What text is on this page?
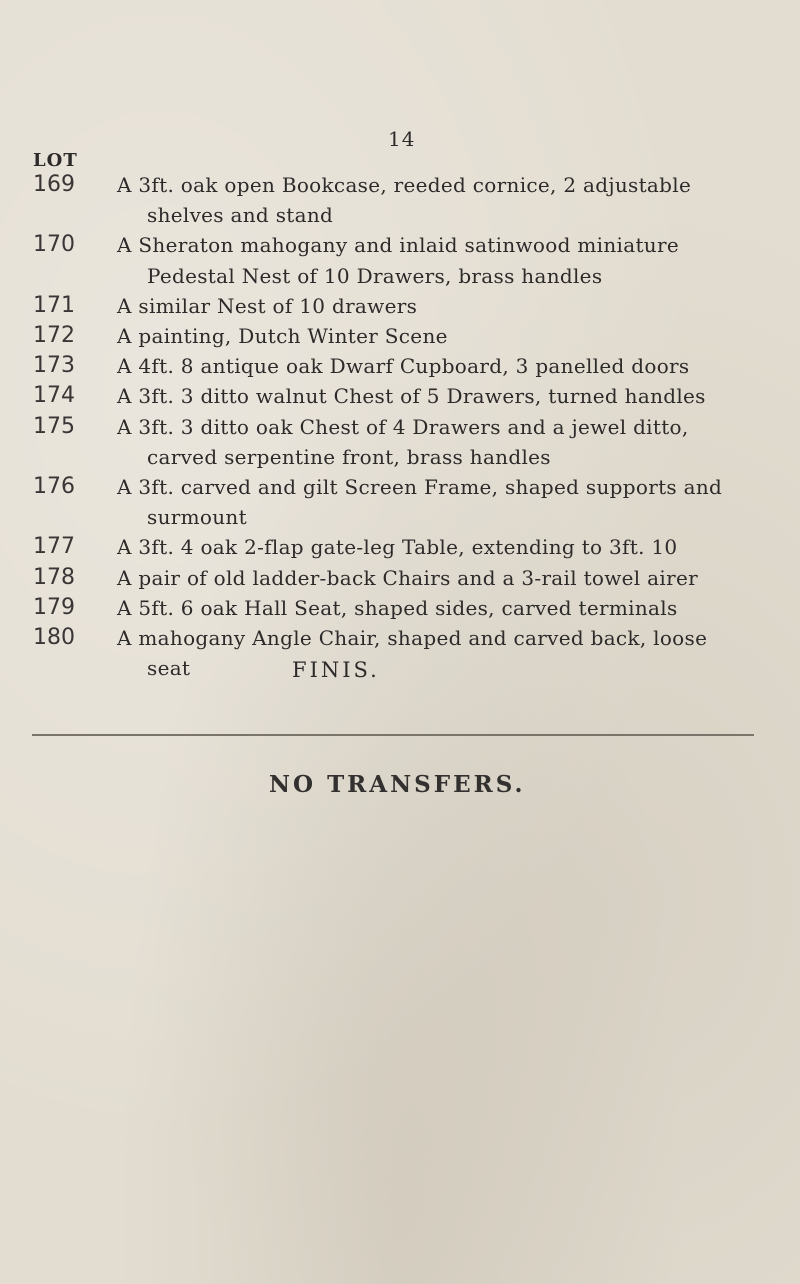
14
LOT
169	A 3ft. oak open Bookcase, reeded cornice, 2 adjustable
shelves and stand
170	A Sheraton mahogany and inlaid satinwood miniature
Pedestal Nest of 10 Drawers, brass handles
171	A similar Nest of 10 drawers
172	A painting, Dutch Winter Scene
173	A 4ft. 8 antique oak Dwarf Cupboard, 3 panelled doors
174	A 3ft. 3 ditto walnut Chest of 5 Drawers, turned handles
175	A 3ft. 3 ditto oak Chest of 4 Drawers and a jewel ditto,
carved serpentine front, brass handles
176	A 3ft. carved and gilt Screen Frame, shaped supports and
surmount
177	A 3ft. 4 oak 2-flap gate-leg Table, extending to 3ft. 10
178	A pair of old ladder-back Chairs and a 3-rail towel airer
179	A 5ft. 6 oak Hall Seat, shaped sides, carved terminals
180	A mahogany Angle Chair, shaped and carved back, loose
seat	FINIS.
NO TRANSFERS.
